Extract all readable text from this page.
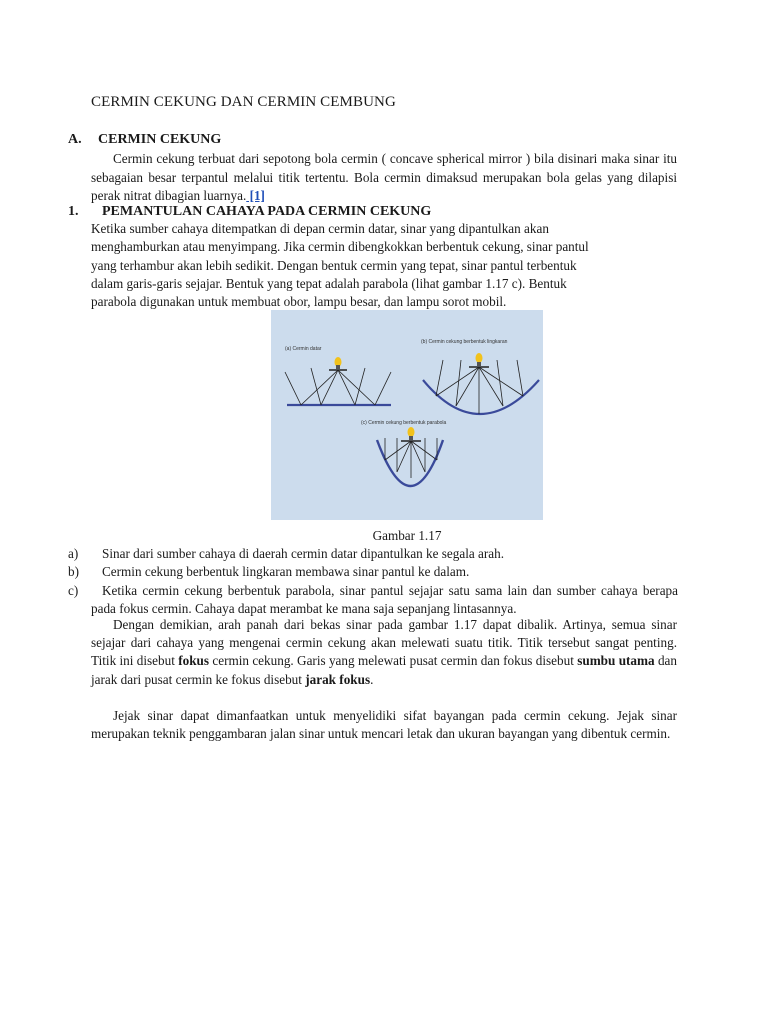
CERMIN CEKUNG DAN CERMIN CEMBUNG
A. CERMIN CEKUNG

Cermin cekung terbuat dari sepotong bola cermin ( concave spherical mirror ) bila disinari maka sinar itu sebagaian besar terpantul melalui titik tertentu. Bola cermin dimaksud merupakan bola gelas yang dilapisi perak nitrat dibagian luarnya. [1]

1. PEMANTULAN CAHAYA PADA CERMIN CEKUNG
Ketika sumber cahaya ditempatkan di depan cermin datar, sinar yang dipantulkan akan
menghamburkan atau menyimpang. Jika cermin dibengkokkan berbentuk cekung, sinar pantul
yang terhambur akan lebih sedikit. Dengan bentuk cermin yang tepat, sinar pantul terbentuk
dalam garis-garis sejajar. Bentuk yang tepat adalah parabola (lihat gambar 1.17 c). Bentuk
parabola digunakan untuk membuat obor, lampu besar, dan lampu sorot mobil.
(a) Cermin datar
(b) Cermin cekung berbentuk lingkaran
(c) Cermin cekung berbentuk parabola

Gambar 1.17

a)	Sinar dari sumber cahaya di daerah cermin datar dipantulkan ke segala arah.
b)	Cermin cekung berbentuk lingkaran membawa sinar pantul ke dalam.
c)	Ketika cermin cekung berbentuk parabola, sinar pantul sejajar satu sama lain dan sumber cahaya berapa pada fokus cermin. Cahaya dapat merambat ke mana saja sepanjang lintasannya.

Dengan demikian, arah panah dari bekas sinar pada gambar 1.17 dapat dibalik. Artinya, semua sinar sejajar dari cahaya yang mengenai cermin cekung akan melewati suatu titik. Titik tersebut sangat penting. Titik ini disebut fokus cermin cekung. Garis yang melewati pusat cermin dan fokus disebut sumbu utama dan jarak dari pusat cermin ke fokus disebut jarak fokus.

Jejak sinar dapat dimanfaatkan untuk menyelidiki sifat bayangan pada cermin cekung. Jejak sinar merupakan teknik penggambaran jalan sinar untuk mencari letak dan ukuran bayangan yang dibentuk cermin.
